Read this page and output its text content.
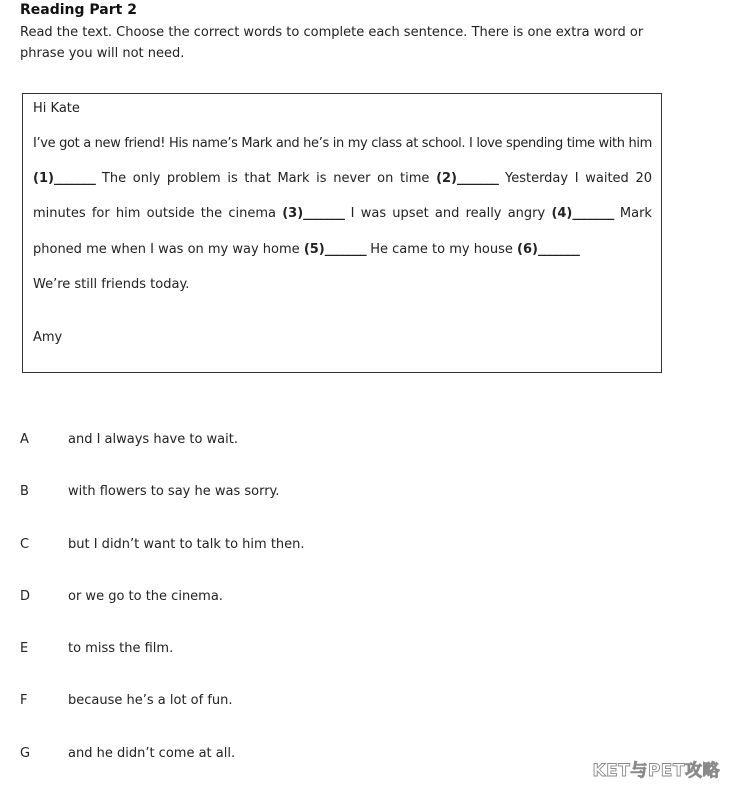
Reading Part 2
Read the text. Choose the correct words to complete each sentence. There is one extra word or phrase you will not need.
Hi Kate
I’ve got a new friend! His name’s Mark and he’s in my class at school. I love spending time with him
(1)_______ The only problem is that Mark is never on time (2)_______ Yesterday I waited 20
minutes for him outside the cinema (3)_______ I was upset and really angry (4)_______ Mark
phoned me when I was on my way home (5)_______ He came to my house (6)_______
We’re still friends today.
Amy
A	and I always have to wait.
B	with flowers to say he was sorry.
C	but I didn’t want to talk to him then.
D	or we go to the cinema.
E	to miss the film.
F	because he’s a lot of fun.
G	and he didn’t come at all.
KET与PET攻略
